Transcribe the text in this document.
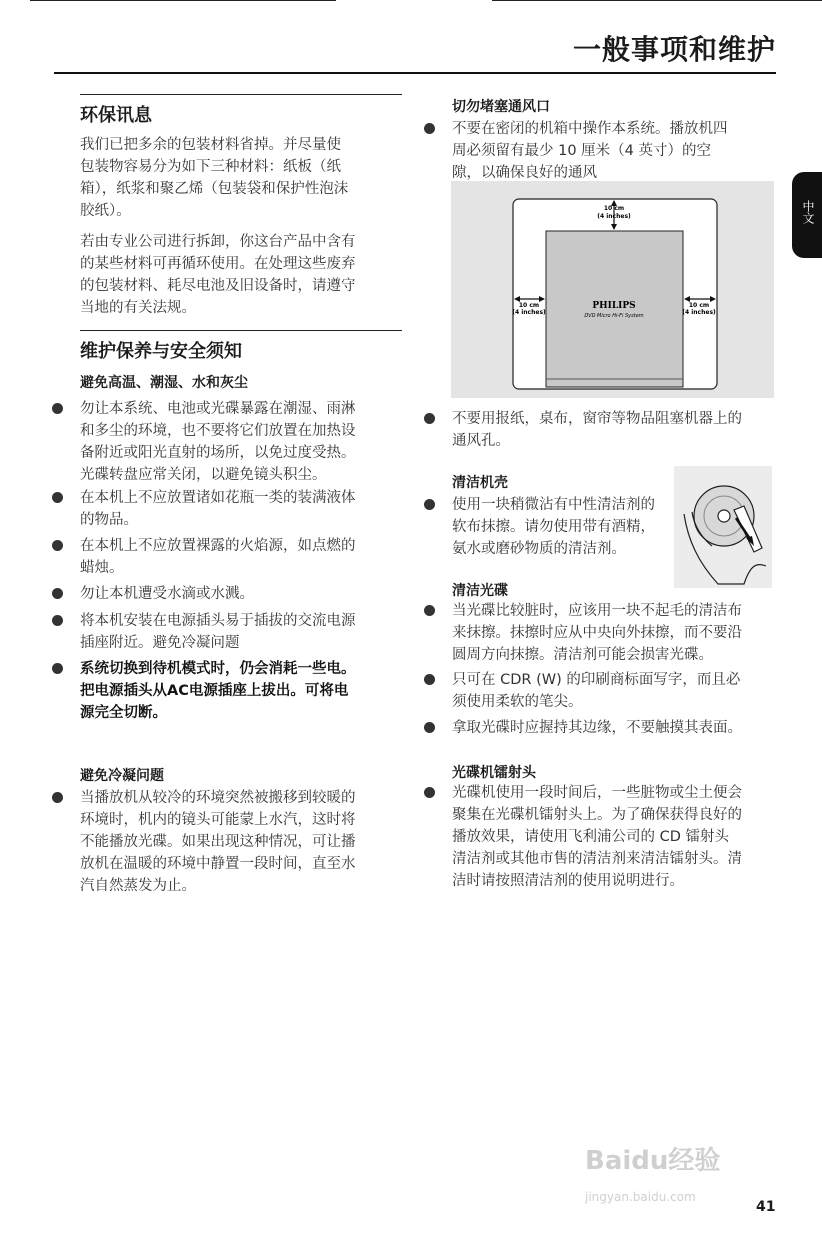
一般事项和维护
中文
环保讯息
我们已把多余的包装材料省掉。并尽量使
包装物容易分为如下三种材料：纸板（纸
箱），纸浆和聚乙烯（包装袋和保护性泡沫
胶纸）。
若由专业公司进行拆卸，你这台产品中含有
的某些材料可再循环使用。在处理这些废弃
的包装材料、耗尽电池及旧设备时，请遵守
当地的有关法规。
维护保养与安全须知
避免高温、潮湿、水和灰尘
勿让本系统、电池或光碟暴露在潮湿、雨淋
和多尘的环境，也不要将它们放置在加热设
备附近或阳光直射的场所，以免过度受热。
光碟转盘应常关闭，以避免镜头积尘。
在本机上不应放置诸如花瓶一类的装满液体
的物品。
在本机上不应放置裸露的火焰源，如点燃的
蜡烛。
勿让本机遭受水滴或水溅。
将本机安装在电源插头易于插拔的交流电源
插座附近。避免冷凝问题
系统切换到待机模式时，仍会消耗一些电。
把电源插头从AC电源插座上拔出。可将电
源完全切断。
避免冷凝问题
当播放机从较冷的环境突然被搬移到较暖的
环境时，机内的镜头可能蒙上水汽，这时将
不能播放光碟。如果出现这种情况，可让播
放机在温暖的环境中静置一段时间，直至水
汽自然蒸发为止。
切勿堵塞通风口
不要在密闭的机箱中操作本系统。播放机四
周必须留有最少 10 厘米（4 英寸）的空
隙，以确保良好的通风
10 cm
(4 inches)
10 cm
(4 inches)
10 cm
(4 inches)
PHILIPS
DVD Micro Hi-Fi System
不要用报纸，桌布，窗帘等物品阻塞机器上的
通风孔。
清洁机壳
使用一块稍微沾有中性清洁剂的
软布抹擦。请勿使用带有酒精，
氨水或磨砂物质的清洁剂。
清洁光碟
当光碟比较脏时，应该用一块不起毛的清洁布
来抹擦。抹擦时应从中央向外抹擦，而不要沿
圆周方向抹擦。清洁剂可能会损害光碟。
只可在 CDR (W) 的印刷商标面写字，而且必
须使用柔软的笔尖。
拿取光碟时应握持其边缘，不要触摸其表面。
光碟机镭射头
光碟机使用一段时间后，一些脏物或尘土便会
聚集在光碟机镭射头上。为了确保获得良好的
播放效果，请使用飞利浦公司的 CD 镭射头
清洁剂或其他市售的清洁剂来清洁镭射头。清
洁时请按照清洁剂的使用说明进行。
Baidu经验
jingyan.baidu.com
41
